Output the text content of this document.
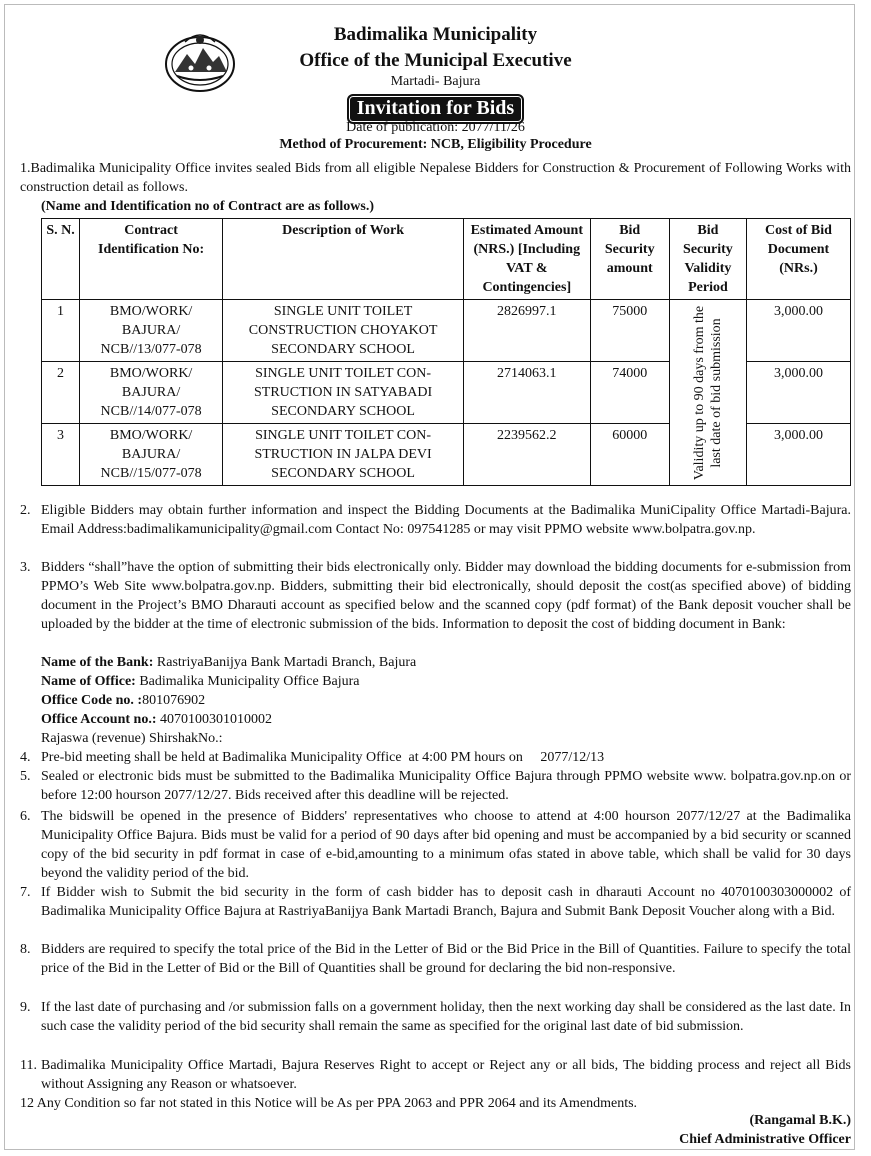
Badimalika Municipality
Office of the Municipal Executive
Martadi- Bajura
Invitation for Bids
Date of publication: 2077/11/26
Method of Procurement: NCB, Eligibility Procedure
1.Badimalika Municipality Office invites sealed Bids from all eligible Nepalese Bidders for Construction & Procurement of Following Works with construction detail as follows.
(Name and Identification no of Contract are as follows.)
S. N.	Contract Identification No:	Description of Work	Estimated Amount (NRS.) [Including VAT & Contingencies]	Bid Security amount	Bid Security Validity Period	Cost of Bid Document (NRs.)
1	BMO/WORK/ BAJURA/ NCB//13/077-078	SINGLE UNIT TOILET CONSTRUCTION CHOYAKOT SECONDARY SCHOOL	2826997.1	75000	Validity up to 90 days from the last date of bid submission	3,000.00
2	BMO/WORK/ BAJURA/ NCB//14/077-078	SINGLE UNIT TOILET CON- STRUCTION IN SATYABADI SECONDARY SCHOOL	2714063.1	74000		3,000.00
3	BMO/WORK/ BAJURA/ NCB//15/077-078	SINGLE UNIT TOILET CON- STRUCTION IN JALPA DEVI SECONDARY SCHOOL	2239562.2	60000		3,000.00
2. Eligible Bidders may obtain further information and inspect the Bidding Documents at the Badimalika MuniCipality Office Martadi-Bajura. Email Address:badimalikamunicipality@gmail.com Contact No: 097541285 or may visit PPMO website www.bolpatra.gov.np.
3. Bidders “shall”have the option of submitting their bids electronically only. Bidder may download the bidding documents for e-submission from PPMO’s Web Site www.bolpatra.gov.np. Bidders, submitting their bid electronically, should deposit the cost(as specified above) of bidding document in the Project’s BMO Dharauti account as specified below and the scanned copy (pdf format) of the Bank deposit voucher shall be uploaded by the bidder at the time of electronic submission of the bids. Information to deposit the cost of bidding document in Bank:
Name of the Bank: RastriyaBanijya Bank Martadi Branch, Bajura
Name of Office: Badimalika Municipality Office Bajura
Office Code no. :801076902
Office Account no.: 4070100301010002
Rajaswa (revenue) ShirshakNo.:
4. Pre-bid meeting shall be held at Badimalika Municipality Office  at 4:00 PM hours on     2077/12/13
5. Sealed or electronic bids must be submitted to the Badimalika Municipality Office Bajura through PPMO website www. bolpatra.gov.np.on or before 12:00 hourson 2077/12/27. Bids received after this deadline will be rejected.
6. The bidswill be opened in the presence of Bidders' representatives who choose to attend at 4:00 hourson 2077/12/27 at the Badimalika Municipality Office Bajura. Bids must be valid for a period of 90 days after bid opening and must be accompanied by a bid security or scanned copy of the bid security in pdf format in case of e-bid,amounting to a minimum ofas stated in above table, which shall be valid for 30 days beyond the validity period of the bid.
7. If Bidder wish to Submit the bid security in the form of cash bidder has to deposit cash in dharauti Account no 4070100303000002 of Badimalika Municipality Office Bajura at RastriyaBanijya Bank Martadi Branch, Bajura and Submit Bank Deposit Voucher along with a Bid.
8. Bidders are required to specify the total price of the Bid in the Letter of Bid or the Bid Price in the Bill of Quantities. Failure to specify the total price of the Bid in the Letter of Bid or the Bill of Quantities shall be ground for declaring the bid non-responsive.
9. If the last date of purchasing and /or submission falls on a government holiday, then the next working day shall be considered as the last date. In such case the validity period of the bid security shall remain the same as specified for the original last date of bid submission.
11. Badimalika Municipality Office Martadi, Bajura Reserves Right to accept or Reject any or all bids, The bidding process and reject all Bids without Assigning any Reason or whatsoever.
12 Any Condition so far not stated in this Notice will be As per PPA 2063 and PPR 2064 and its Amendments.
(Rangamal B.K.)
Chief Administrative Officer
